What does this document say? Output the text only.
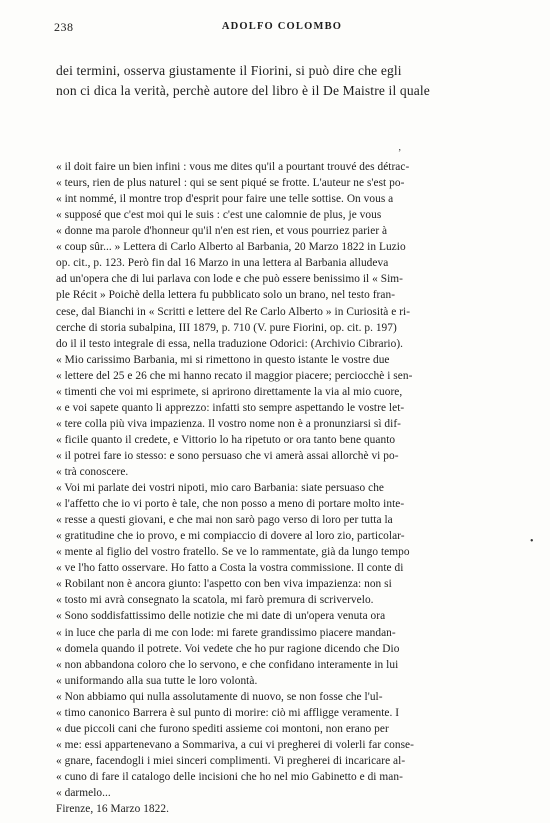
238	ADOLFO COLOMBO
dei termini, osserva giustamente il Fiorini, si può dire che egli
non ci dica la verità, perchè autore del libro è il De Maistre il quale
« il doit faire un bien infini : vous me dites qu'il a pourtant trouvé des détrac-
« teurs, rien de plus naturel : qui se sent piqué se frotte. L'auteur ne s'est po-
« int nommé, il montre trop d'esprit pour faire une telle sottise. On vous a
« supposé que c'est moi qui le suis : c'est une calomnie de plus, je vous
« donne ma parole d'honneur qu'il n'en est rien, et vous pourriez parier à
« coup sûr... » Lettera di Carlo Alberto al Barbania, 20 Marzo 1822 in Luzio
op. cit., p. 123. Però fin dal 16 Marzo in una lettera al Barbania alludeva
ad un'opera che di lui parlava con lode e che può essere benissimo il « Sim-
ple Récit » Poichè della lettera fu pubblicato solo un brano, nel testo fran-
cese, dal Bianchi in « Scritti e lettere del Re Carlo Alberto » in Curiosità e ri-
cerche di storia subalpina, III 1879, p. 710 (V. pure Fiorini, op. cit. p. 197)
do il il testo integrale di essa, nella traduzione Odorici: (Archivio Cibrario).
« Mio carissimo Barbania, mi si rimettono in questo istante le vostre due
« lettere del 25 e 26 che mi hanno recato il maggior piacere; perciocchè i sen-
« timenti che voi mi esprimete, si aprirono direttamente la via al mio cuore,
« e voi sapete quanto li apprezzo: infatti sto sempre aspettando le vostre let-
« tere colla più viva impazienza. Il vostro nome non è a pronunziarsi sì dif-
« ficile quanto il credete, e Vittorio lo ha ripetuto or ora tanto bene quanto
« il potrei fare io stesso: e sono persuaso che vi amerà assai allorchè vi po-
« trà conoscere.
« Voi mi parlate dei vostri nipoti, mio caro Barbania: siate persuaso che
« l'affetto che io vi porto è tale, che non posso a meno di portare molto inte-
« resse a questi giovani, e che mai non sarò pago verso di loro per tutta la
« gratitudine che io provo, e mi compiaccio di dovere al loro zio, particolar-
« mente al figlio del vostro fratello. Se ve lo rammentate, già da lungo tempo
« ve l'ho fatto osservare. Ho fatto a Costa la vostra commissione. Il conte di
« Robilant non è ancora giunto: l'aspetto con ben viva impazienza: non si
« tosto mi avrà consegnato la scatola, mi farò premura di scrivervelo.
« Sono soddisfattissimo delle notizie che mi date di un'opera venuta ora
« in luce che parla di me con lode: mi farete grandissimo piacere mandan-
« domela quando il potrete. Voi vedete che ho pur ragione dicendo che Dio
« non abbandona coloro che lo servono, e che confidano interamente in lui
« uniformando alla sua tutte le loro volontà.
« Non abbiamo qui nulla assolutamente di nuovo, se non fosse che l'ul-
« timo canonico Barrera è sul punto di morire: ciò mi affligge veramente. I
« due piccoli cani che furono spediti assieme coi montoni, non erano per
« me: essi appartenevano a Sommariva, a cui vi pregherei di volerli far conse-
« gnare, facendogli i miei sinceri complimenti. Vi pregherei di incaricare al-
« cuno di fare il catalogo delle incisioni che ho nel mio Gabinetto e di man-
« darmelo...
Firenze, 16 Marzo 1822.
ʼ
•
